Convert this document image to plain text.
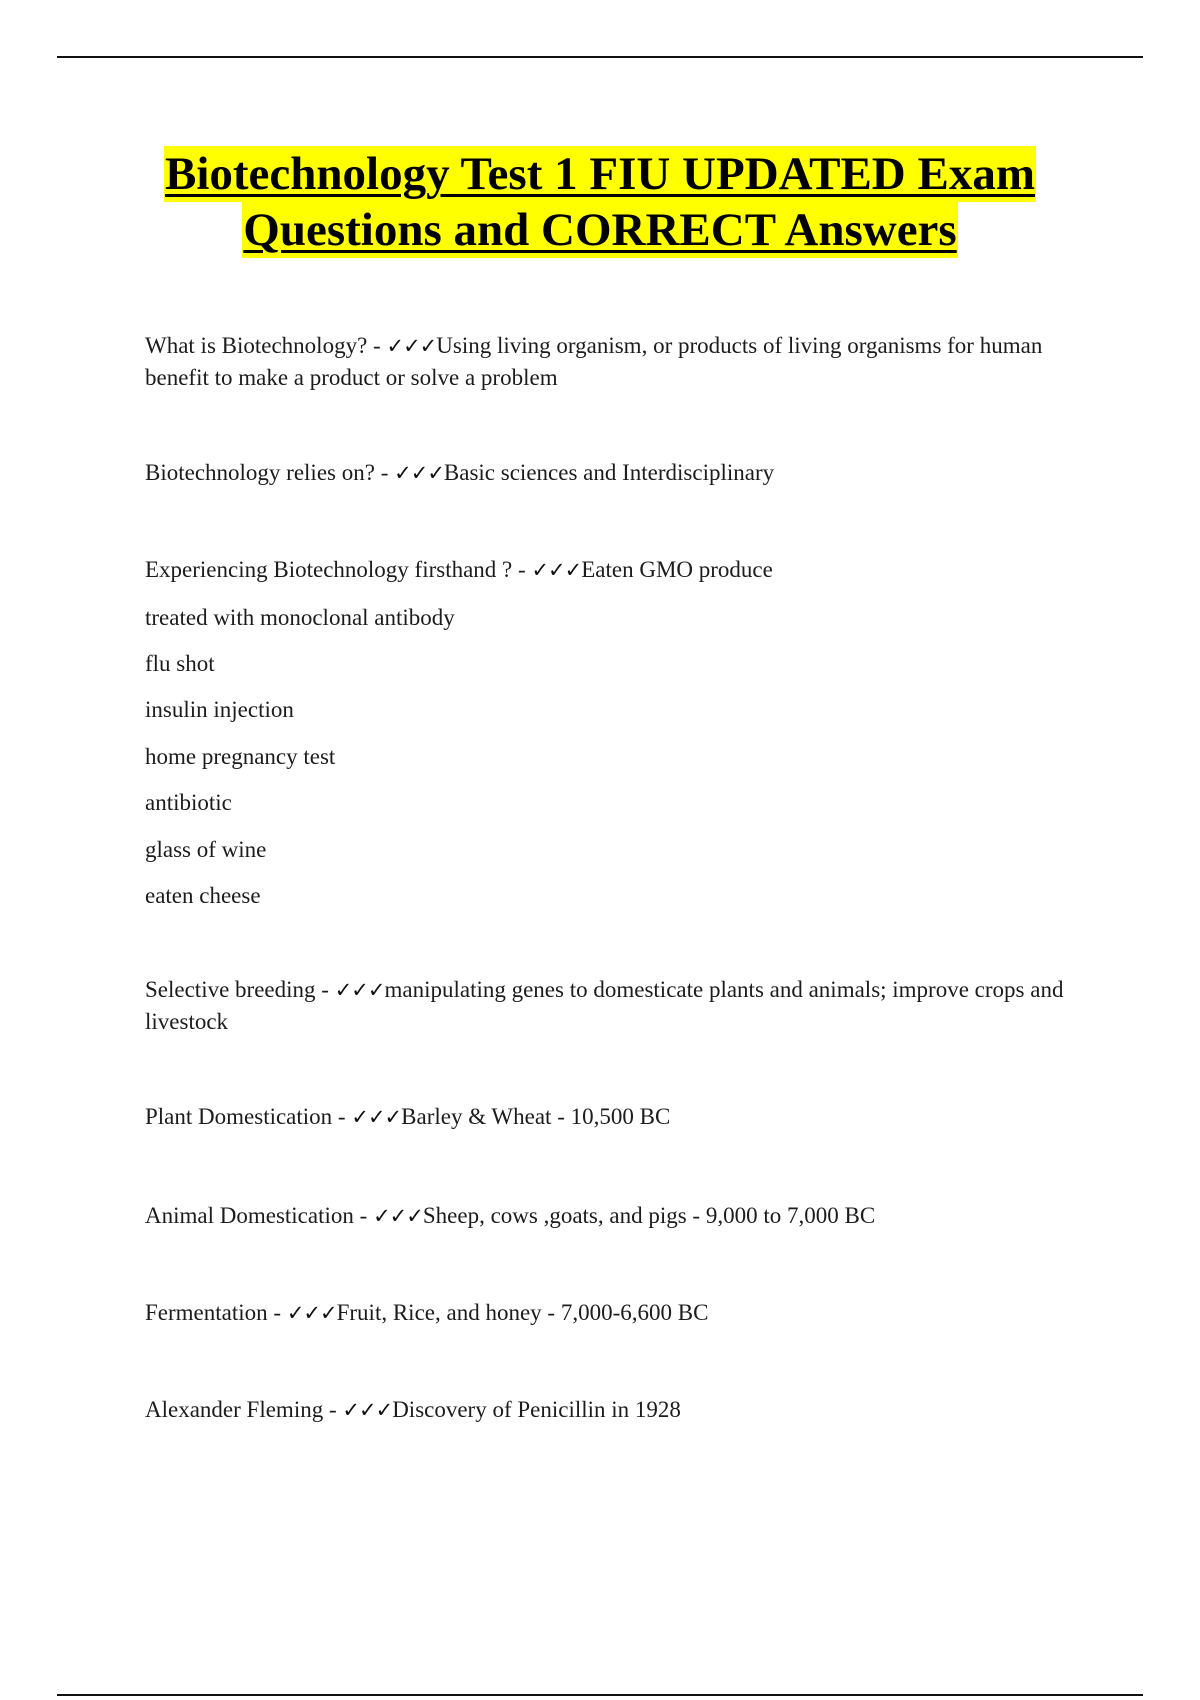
Biotechnology Test 1 FIU UPDATED Exam
Questions and CORRECT Answers
What is Biotechnology? - ✓✓✓Using living organism, or products of living organisms for human benefit to make a product or solve a problem
Biotechnology relies on? - ✓✓✓Basic sciences and Interdisciplinary
Experiencing Biotechnology firsthand ? - ✓✓✓Eaten GMO produce
treated with monoclonal antibody
flu shot
insulin injection
home pregnancy test
antibiotic
glass of wine
eaten cheese
Selective breeding - ✓✓✓manipulating genes to domesticate plants and animals; improve crops and livestock
Plant Domestication - ✓✓✓Barley & Wheat - 10,500 BC
Animal Domestication - ✓✓✓Sheep, cows ,goats, and pigs - 9,000 to 7,000 BC
Fermentation - ✓✓✓Fruit, Rice, and honey - 7,000-6,600 BC
Alexander Fleming - ✓✓✓Discovery of Penicillin in 1928
